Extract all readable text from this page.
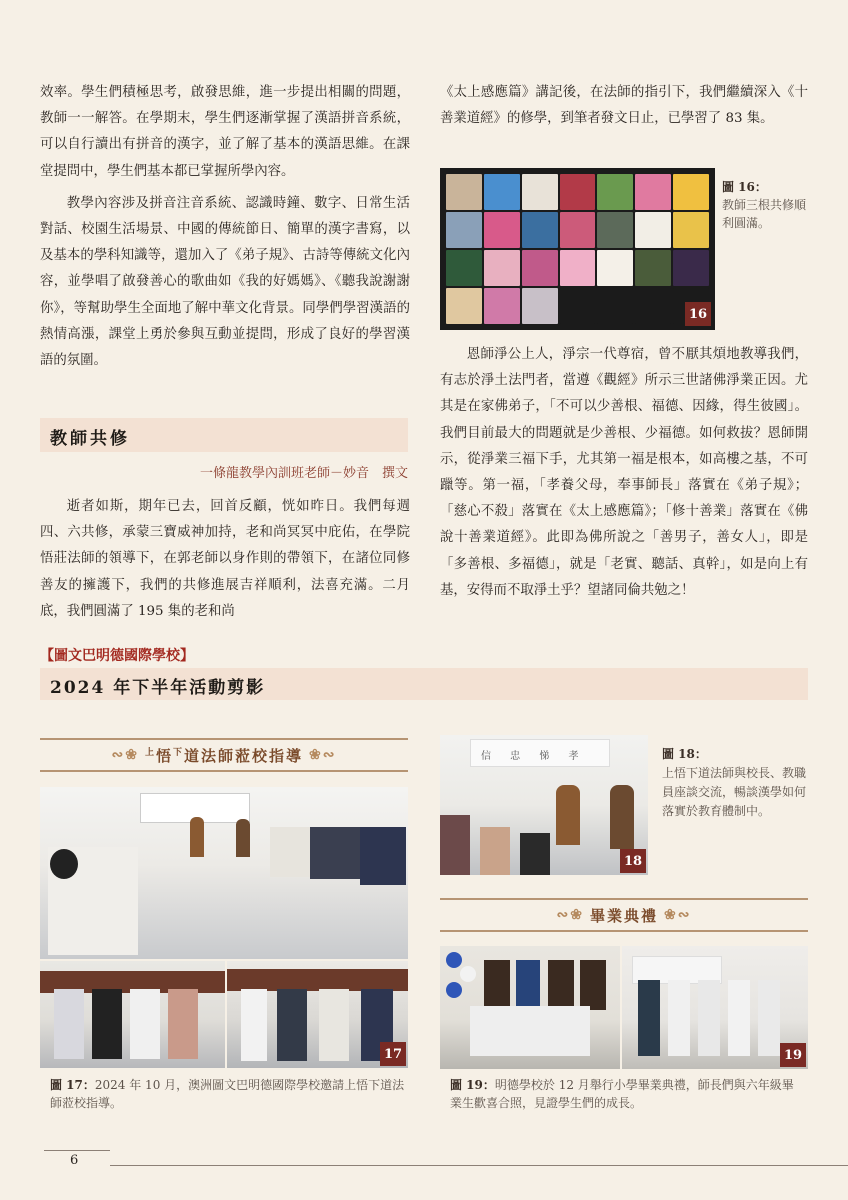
效率。學生們積極思考，啟發思維，進一步提出相關的問題，教師一一解答。在學期末，學生們逐漸掌握了漢語拼音系統，可以自行讀出有拼音的漢字，並了解了基本的漢語思維。在課堂提問中，學生們基本都已掌握所學內容。

教學內容涉及拼音注音系統、認識時鐘、數字、日常生活對話、校園生活場景、中國的傳統節日、簡單的漢字書寫，以及基本的學科知識等，還加入了《弟子規》、古詩等傳統文化內容，並學唱了啟發善心的歌曲如《我的好媽媽》、《聽我說謝謝你》，等幫助學生全面地了解中華文化背景。同學們學習漢語的熱情高漲，課堂上勇於參與互動並提問，形成了良好的學習漢語的氛圍。

教師共修
一條龍教學內訓班老師－妙音　撰文

逝者如斯，期年已去，回首反顧，恍如昨日。我們每週四、六共修，承蒙三寶威神加持，老和尚冥冥中庇佑，在學院悟莊法師的領導下，在郭老師以身作則的帶領下，在諸位同修善友的擁護下，我們的共修進展吉祥順利，法喜充滿。二月底，我們圓滿了 195 集的老和尚

《太上感應篇》講記後，在法師的指引下，我們繼續深入《十善業道經》的修學，到筆者發文日止，已學習了 83 集。

恩師淨公上人，淨宗一代尊宿，曾不厭其煩地教導我們，有志於淨土法門者，當遵《觀經》所示三世諸佛淨業正因。尤其是在家佛弟子，「不可以少善根、福德、因緣，得生彼國」。我們目前最大的問題就是少善根、少福德。如何救拔？恩師開示，從淨業三福下手，尤其第一福是根本，如高樓之基，不可躐等。第一福，「孝養父母，奉事師長」落實在《弟子規》；「慈心不殺」落實在《太上感應篇》；「修十善業」落實在《佛說十善業道經》。此即為佛所說之「善男子，善女人」，即是「多善根、多福德」，就是「老實、聽話、真幹」，如是向上有基，安得而不取淨土乎？望諸同倫共勉之！

16
圖 16：
教師三根共修順利圓滿。
【圖文巴明德國際學校】
2024 年下半年活動剪影
∾❀ $^上$悟$^下$道法師蒞校指導 ❀∾
17
圖 17：2024 年 10 月，澳洲圖文巴明德國際學校邀請上悟下道法師蒞校指導。
信 忠 悌 孝
18
圖 18：
上悟下道法師與校長、教職員座談交流，暢談漢學如何落實於教育體制中。
∾❀ 畢業典禮 ❀∾
19
圖 19：明德學校於 12 月舉行小學畢業典禮，師長們與六年級畢業生歡喜合照，見證學生們的成長。
6
